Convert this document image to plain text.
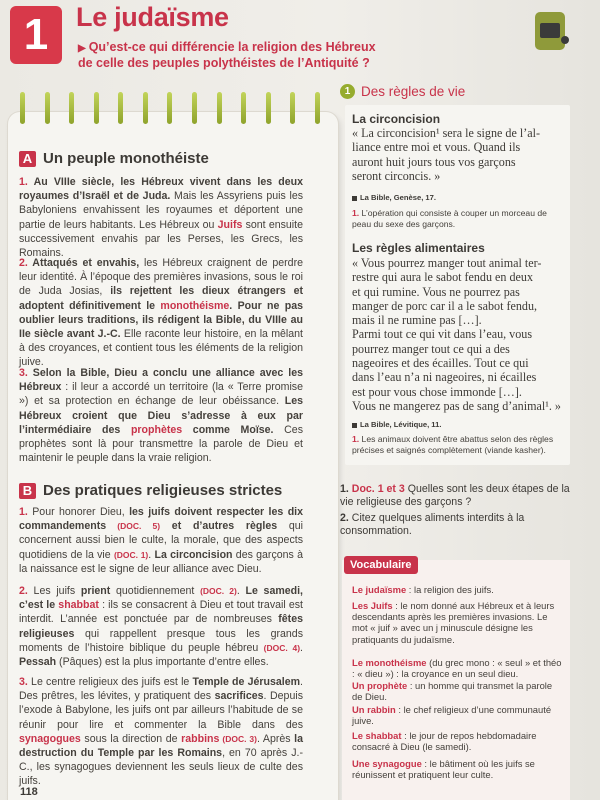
1	Le judaïsme
▶ Qu’est-ce qui différencie la religion des Hébreux
de celle des peuples polythéistes de l’Antiquité ?
A Un peuple monothéiste
1. Au VIIIe siècle, les Hébreux vivent dans les deux royaumes d’Israël et de Juda. Mais les Assyriens puis les Babyloniens envahissent les royaumes et déportent une partie de leurs habitants. Les Hébreux ou Juifs sont ensuite successivement envahis par les Perses, les Grecs, les Romains.
2. Attaqués et envahis, les Hébreux craignent de perdre leur identité. À l’époque des premières invasions, sous le roi de Juda Josias, ils rejettent les dieux étrangers et adoptent définitivement le monothéisme. Pour ne pas oublier leurs traditions, ils rédigent la Bible, du VIIIe au IIe siècle avant J.-C. Elle raconte leur histoire, en la mêlant à des croyances, et contient tous les éléments de la religion juive.
3. Selon la Bible, Dieu a conclu une alliance avec les Hébreux : il leur a accordé un territoire (la « Terre promise ») et sa protection en échange de leur obéissance. Les Hébreux croient que Dieu s’adresse à eux par l’intermédiaire des prophètes comme Moïse. Ces prophètes sont là pour transmettre la parole de Dieu et maintenir le peuple dans la vraie religion.
B Des pratiques religieuses strictes
1. Pour honorer Dieu, les juifs doivent respecter les dix commandements (DOC. 5) et d’autres règles qui concernent aussi bien le culte, la morale, que des aspects quotidiens de la vie (DOC. 1). La circoncision des garçons à la naissance est le signe de leur alliance avec Dieu.
2. Les juifs prient quotidiennement (DOC. 2). Le samedi, c’est le shabbat : ils se consacrent à Dieu et tout travail est interdit. L’année est ponctuée par de nombreuses fêtes religieuses qui rappellent presque tous les grands moments de l’histoire biblique du peuple hébreu (DOC. 4). Pessah (Pâques) est la plus importante d’entre elles.
3. Le centre religieux des juifs est le Temple de Jérusalem. Des prêtres, les lévites, y pratiquent des sacrifices. Depuis l’exode à Babylone, les juifs ont par ailleurs l’habitude de se réunir pour lire et commenter la Bible dans des synagogues sous la direction de rabbins (DOC. 3). Après la destruction du Temple par les Romains, en 70 après J.-C., les synagogues deviennent les seuls lieux de culte des juifs.
1 Des règles de vie
La circoncision
« La circoncision¹ sera le signe de l’al-
liance entre moi et vous. Quand ils
auront huit jours tous vos garçons
seront circoncis. »
La Bible, Genèse, 17.
1. L’opération qui consiste à couper un morceau de peau du sexe des garçons.
Les règles alimentaires
« Vous pourrez manger tout animal ter-
restre qui aura le sabot fendu en deux
et qui rumine. Vous ne pourrez pas
manger de porc car il a le sabot fendu,
mais il ne rumine pas […].
Parmi tout ce qui vit dans l’eau, vous
pourrez manger tout ce qui a des
nageoires et des écailles. Tout ce qui
dans l’eau n’a ni nageoires, ni écailles
est pour vous chose immonde […].
Vous ne mangerez pas de sang d’animal¹. »
La Bible, Lévitique, 11.
1. Les animaux doivent être abattus selon des règles précises et saignés complètement (viande kasher).
1. Doc. 1 et 3 Quelles sont les deux étapes de la vie religieuse des garçons ?
2. Citez quelques aliments interdits à la consommation.
Vocabulaire
Le judaïsme : la religion des juifs.
Les Juifs : le nom donné aux Hébreux et à leurs descendants après les premières invasions. Le mot « juif » avec un j minuscule désigne les pratiquants du judaïsme.
Le monothéisme (du grec mono : « seul » et théo : « dieu ») : la croyance en un seul dieu.
Un prophète : un homme qui transmet la parole de Dieu.
Un rabbin : le chef religieux d’une communauté juive.
Le shabbat : le jour de repos hebdomadaire consacré à Dieu (le samedi).
Une synagogue : le bâtiment où les juifs se réunissent et pratiquent leur culte.
118
